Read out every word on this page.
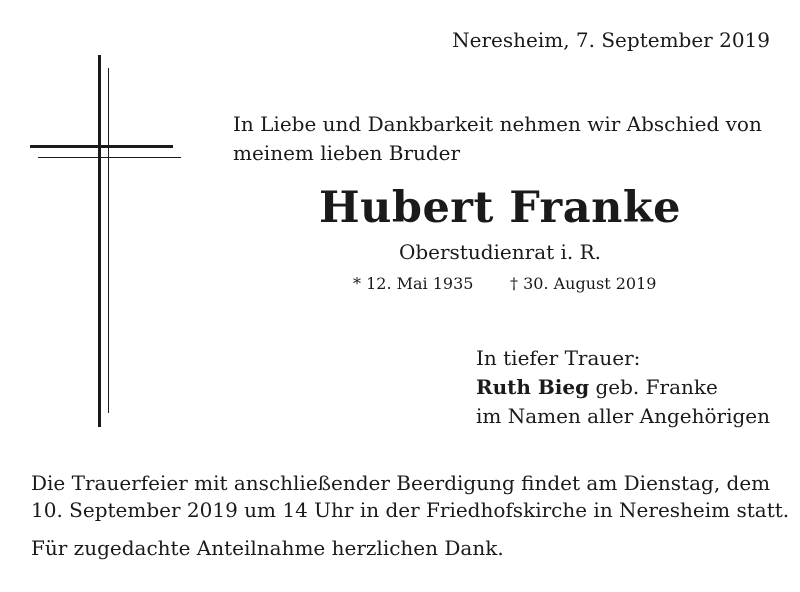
Neresheim, 7. September 2019
In Liebe und Dankbarkeit nehmen wir Abschied von
meinem lieben Bruder
Hubert Franke
Oberstudienrat i. R.
* 12. Mai 1935 † 30. August 2019
In tiefer Trauer:
Ruth Bieg geb. Franke
im Namen aller Angehörigen
Die Trauerfeier mit anschließender Beerdigung findet am Dienstag, dem
10. September 2019 um 14 Uhr in der Friedhofskirche in Neresheim statt.
Für zugedachte Anteilnahme herzlichen Dank.
